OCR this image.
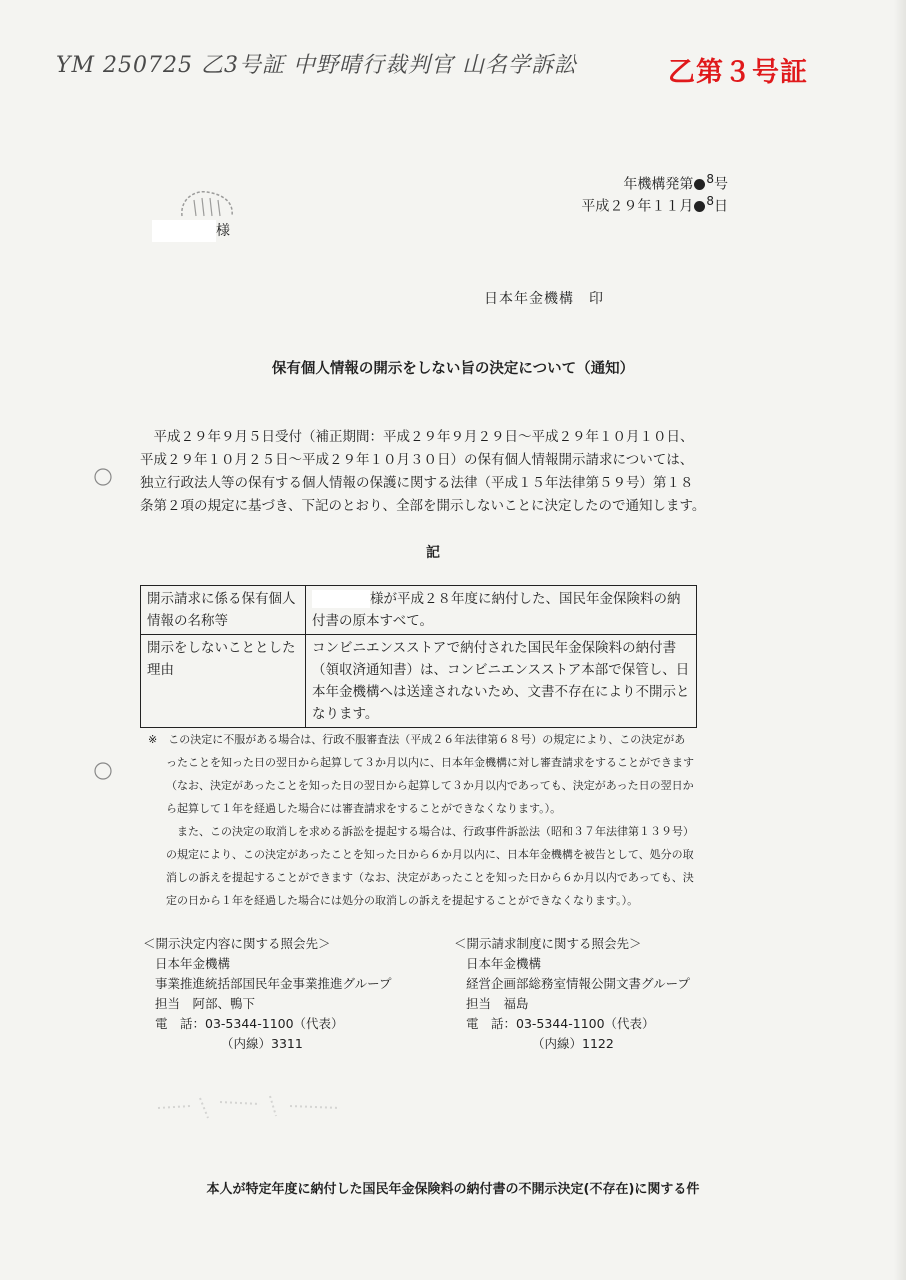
YM 250725 乙3号証 中野晴行裁判官 山名学訴訟	乙第３号証
年機構発第 $^8$号
平成２９年１１月 $^8$日
様
日本年金機構　印
保有個人情報の開示をしない旨の決定について（通知）

　平成２９年９月５日受付（補正期間：平成２９年９月２９日～平成２９年１０月１０日、

平成２９年１０月２５日～平成２９年１０月３０日）の保有個人情報開示請求については、

独立行政法人等の保有する個人情報の保護に関する法律（平成１５年法律第５９号）第１８

条第２項の規定に基づき、下記のとおり、全部を開示しないことに決定したので通知します。

記
開示請求に係る保有個人情報の名称等	様が平成２８年度に納付した、国民年金保険料の納付書の原本すべて。
開示をしないこととした理由	コンビニエンスストアで納付された国民年金保険料の納付書（領収済通知書）は、コンビニエンスストア本部で保管し、日本年金機構へは送達されないため、文書不存在により不開示となります。

※　この決定に不服がある場合は、行政不服審査法（平成２６年法律第６８号）の規定により、この決定があ

ったことを知った日の翌日から起算して３か月以内に、日本年金機構に対し審査請求をすることができます

（なお、決定があったことを知った日の翌日から起算して３か月以内であっても、決定があった日の翌日か

ら起算して１年を経過した場合には審査請求をすることができなくなります。）。

　また、この決定の取消しを求める訴訟を提起する場合は、行政事件訴訟法（昭和３７年法律第１３９号）

の規定により、この決定があったことを知った日から６か月以内に、日本年金機構を被告として、処分の取

消しの訴えを提起することができます（なお、決定があったことを知った日から６か月以内であっても、決

定の日から１年を経過した場合には処分の取消しの訴えを提起することができなくなります。）。

＜開示決定内容に関する照会先＞
日本年金機構
事業推進統括部国民年金事業推進グループ
担当　阿部、鴨下
電　話：03-5344-1100（代表）
（内線）3311
＜開示請求制度に関する照会先＞
日本年金機構
経営企画部総務室情報公開文書グループ
担当　福島
電　話：03-5344-1100（代表）
（内線）1122
本人が特定年度に納付した国民年金保険料の納付書の不開示決定(不存在)に関する件
